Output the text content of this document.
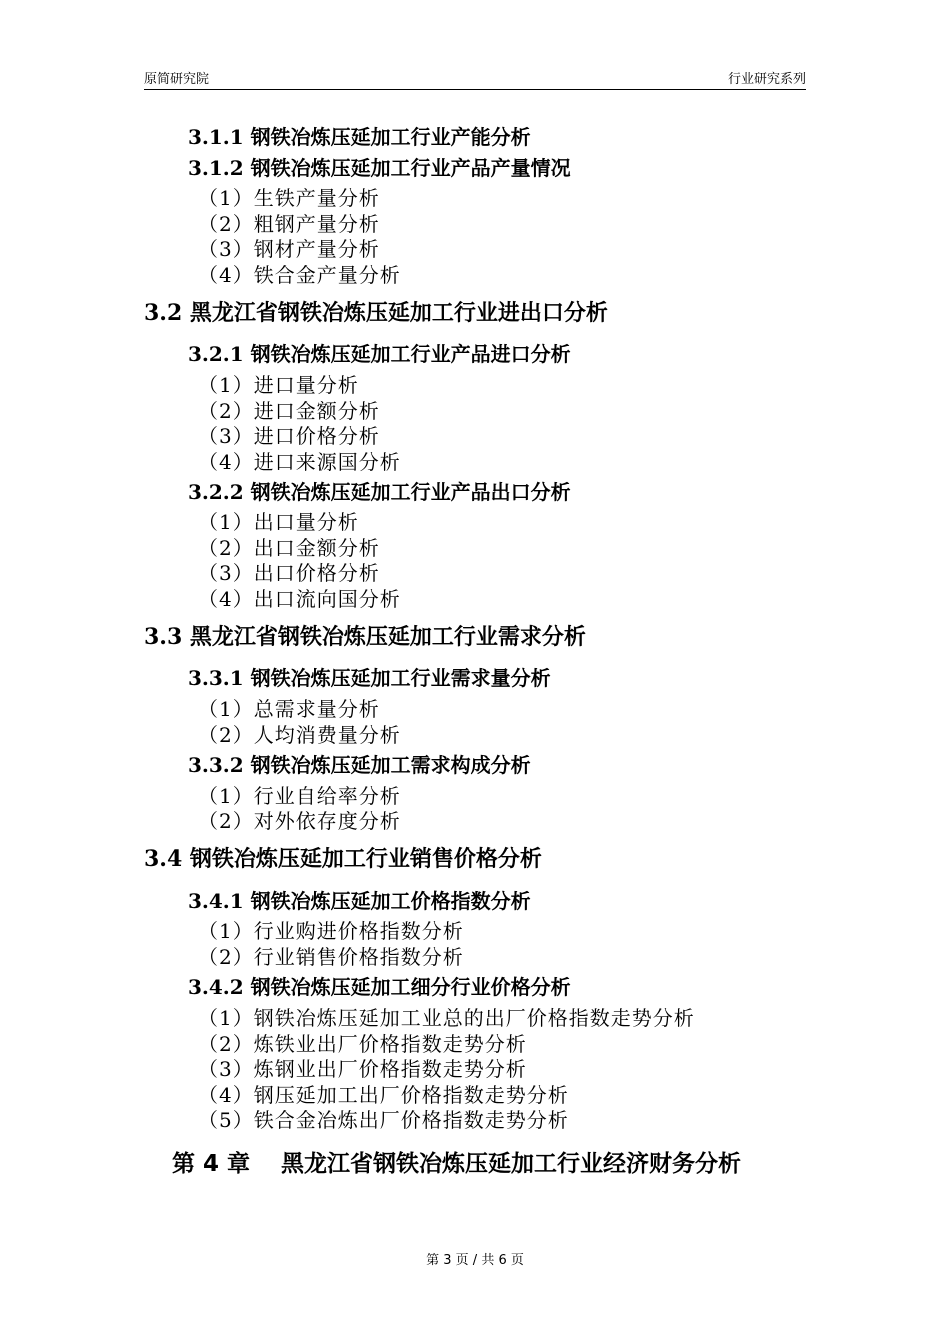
原简研究院	行业研究系列
3.1.1 钢铁冶炼压延加工行业产能分析
3.1.2 钢铁冶炼压延加工行业产品产量情况
（1）生铁产量分析
（2）粗钢产量分析
（3）钢材产量分析
（4）铁合金产量分析
3.2 黑龙江省钢铁冶炼压延加工行业进出口分析
3.2.1 钢铁冶炼压延加工行业产品进口分析
（1）进口量分析
（2）进口金额分析
（3）进口价格分析
（4）进口来源国分析
3.2.2 钢铁冶炼压延加工行业产品出口分析
（1）出口量分析
（2）出口金额分析
（3）出口价格分析
（4）出口流向国分析
3.3 黑龙江省钢铁冶炼压延加工行业需求分析
3.3.1 钢铁冶炼压延加工行业需求量分析
（1）总需求量分析
（2）人均消费量分析
3.3.2 钢铁冶炼压延加工需求构成分析
（1）行业自给率分析
（2）对外依存度分析
3.4 钢铁冶炼压延加工行业销售价格分析
3.4.1 钢铁冶炼压延加工价格指数分析
（1）行业购进价格指数分析
（2）行业销售价格指数分析
3.4.2 钢铁冶炼压延加工细分行业价格分析
（1）钢铁冶炼压延加工业总的出厂价格指数走势分析
（2）炼铁业出厂价格指数走势分析
（3）炼钢业出厂价格指数走势分析
（4）钢压延加工出厂价格指数走势分析
（5）铁合金冶炼出厂价格指数走势分析
第 4 章　 黑龙江省钢铁冶炼压延加工行业经济财务分析
第 3 页 / 共 6 页
